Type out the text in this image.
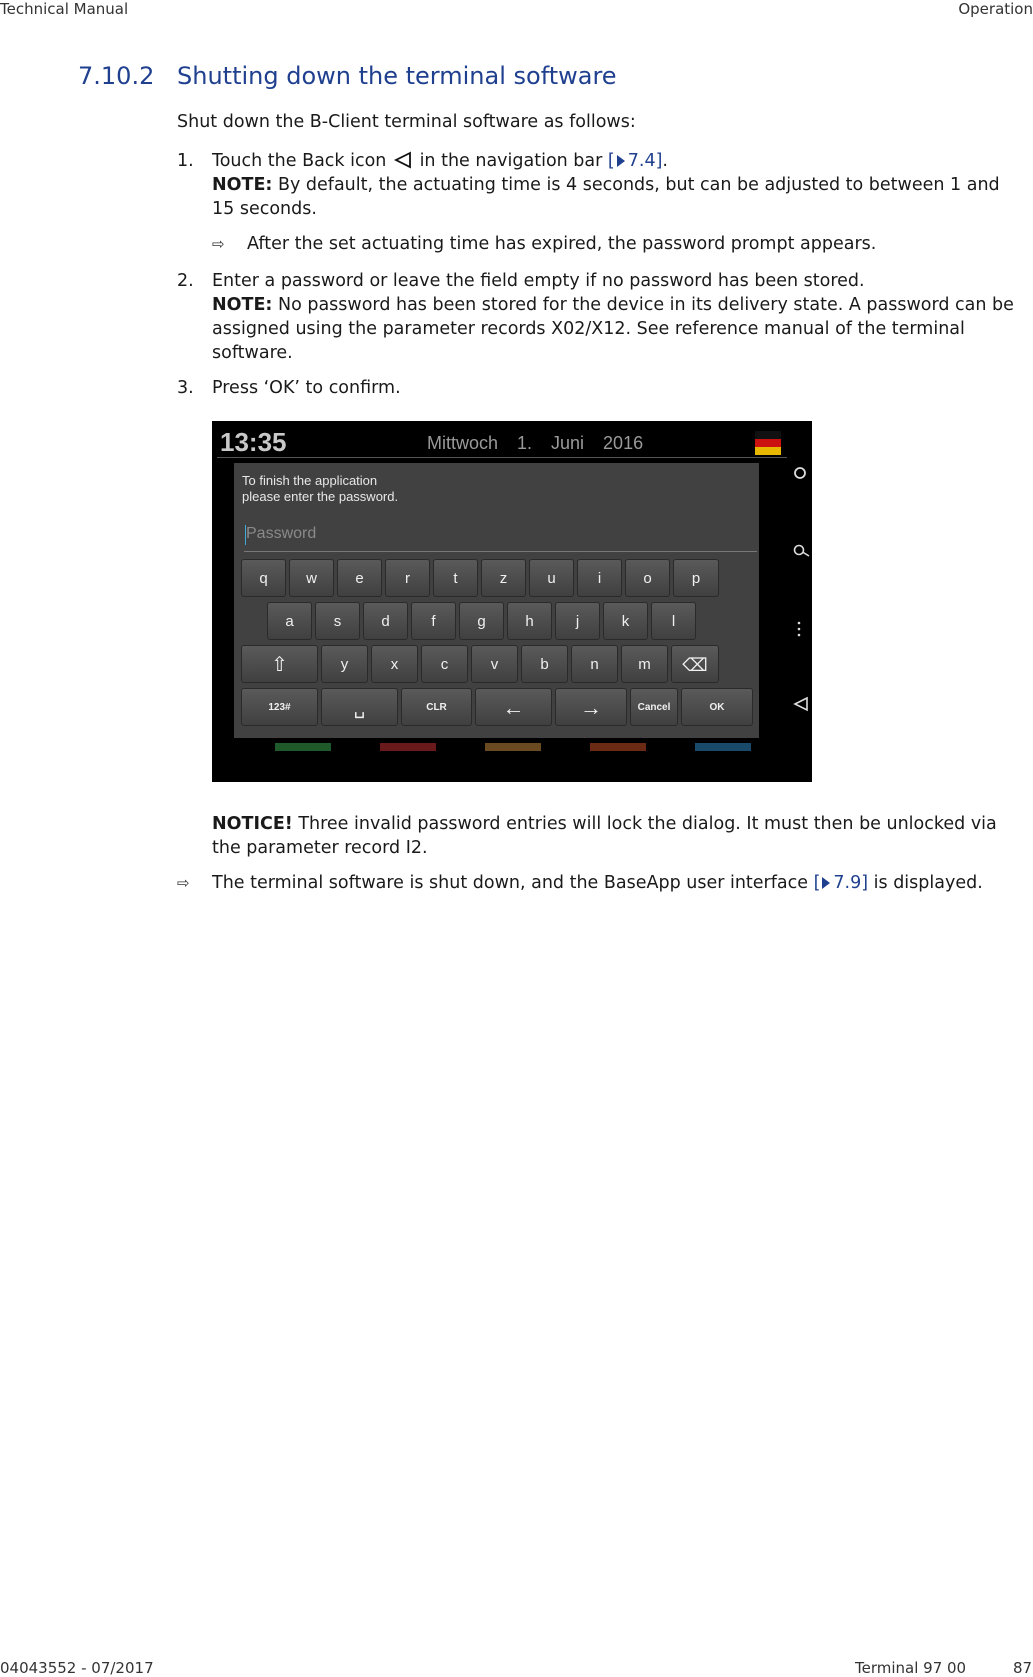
Technical Manual	Operation
7.10.2 Shutting down the terminal software
Shut down the B-Client terminal software as follows:
1. Touch the Back icon in the navigation bar [ 7.4].
NOTE: By default, the actuating time is 4 seconds, but can be adjusted to between 1 and
15 seconds.
⇨ After the set actuating time has expired, the password prompt appears.
2. Enter a password or leave the field empty if no password has been stored.
NOTE: No password has been stored for the device in its delivery state. A password can be
assigned using the parameter records X02/X12. See reference manual of the terminal
software.
3. Press ‘OK’ to confirm.
13:35	Mittwoch 1. Juni 2016
To finish the application
please enter the password.
Password
q	w	e	r	t	z	u	i	o	p
a	s	d	f	g	h	j	k	l
⇧	y	x	c	v	b	n	m	⌫
123#	␣	CLR	←	→	Cancel	OK
NOTICE! Three invalid password entries will lock the dialog. It must then be unlocked via
the parameter record I2.
⇨ The terminal software is shut down, and the BaseApp user interface [ 7.9] is displayed.
04043552 - 07/2017	Terminal 97 00	87
